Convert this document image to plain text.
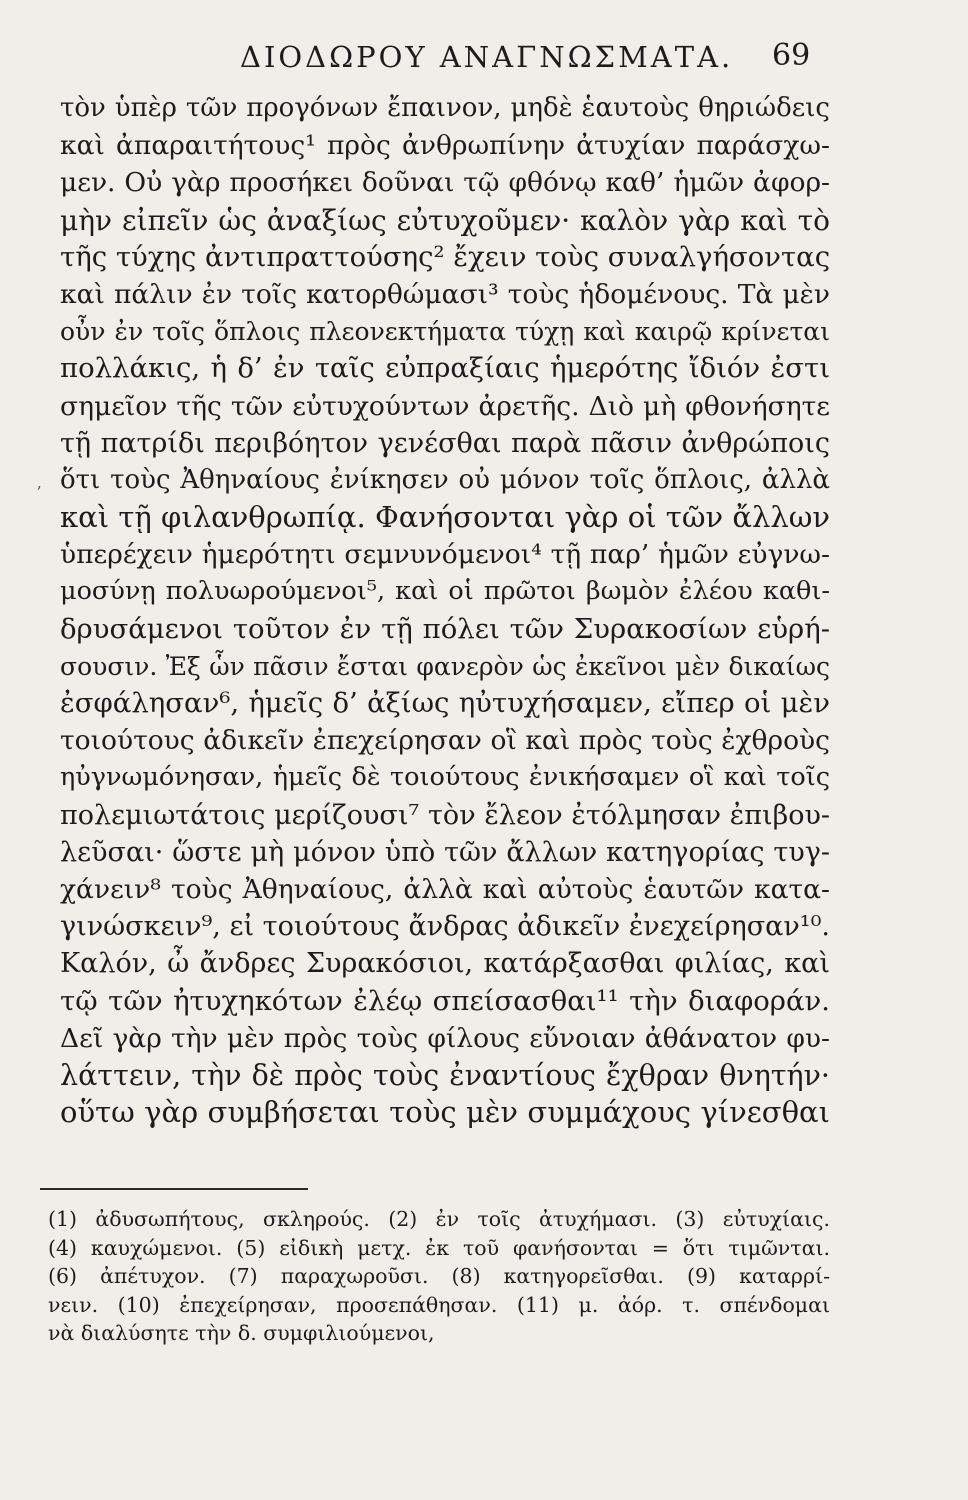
ΔΙΟΔΩΡΟΥ ΑΝΑΓΝΩΣΜΑΤΑ. 69
ʼ
τὸν ὑπὲρ τῶν προγόνων ἔπαινον, μηδὲ ἑαυτοὺς θηριώδεις
καὶ ἀπαραιτήτους¹ πρὸς ἀνθρωπίνην ἀτυχίαν παράσχω-
μεν. Οὐ γὰρ προσήκει δοῦναι τῷ φθόνῳ καθ’ ἡμῶν ἀφορ-
μὴν εἰπεῖν ὡς ἀναξίως εὐτυχοῦμεν· καλὸν γὰρ καὶ τὸ
τῆς τύχης ἀντιπραττούσης² ἔχειν τοὺς συναλγήσοντας
καὶ πάλιν ἐν τοῖς κατορθώμασι³ τοὺς ἡδομένους. Τὰ μὲν
οὖν ἐν τοῖς ὅπλοις πλεονεκτήματα τύχῃ καὶ καιρῷ κρίνεται
πολλάκις, ἡ δ’ ἐν ταῖς εὐπραξίαις ἡμερότης ἴδιόν ἐστι
σημεῖον τῆς τῶν εὐτυχούντων ἀρετῆς. Διὸ μὴ φθονήσητε
τῇ πατρίδι περιβόητον γενέσθαι παρὰ πᾶσιν ἀνθρώποις
ὅτι τοὺς Ἀθηναίους ἐνίκησεν οὐ μόνον τοῖς ὅπλοις, ἀλλὰ
καὶ τῇ φιλανθρωπίᾳ. Φανήσονται γὰρ οἱ τῶν ἄλλων
ὑπερέχειν ἡμερότητι σεμνυνόμενοι⁴ τῇ παρ’ ἡμῶν εὐγνω-
μοσύνῃ πολυωρούμενοι⁵, καὶ οἱ πρῶτοι βωμὸν ἐλέου καθι-
δρυσάμενοι τοῦτον ἐν τῇ πόλει τῶν Συρακοσίων εὑρή-
σουσιν. Ἐξ ὧν πᾶσιν ἔσται φανερὸν ὡς ἐκεῖνοι μὲν δικαίως
ἐσφάλησαν⁶, ἡμεῖς δ’ ἀξίως ηὐτυχήσαμεν, εἴπερ οἱ μὲν
τοιούτους ἀδικεῖν ἐπεχείρησαν οἳ καὶ πρὸς τοὺς ἐχθροὺς
ηὐγνωμόνησαν, ἡμεῖς δὲ τοιούτους ἐνικήσαμεν οἳ καὶ τοῖς
πολεμιωτάτοις μερίζουσι⁷ τὸν ἔλεον ἐτόλμησαν ἐπιβου-
λεῦσαι· ὥστε μὴ μόνον ὑπὸ τῶν ἄλλων κατηγορίας τυγ-
χάνειν⁸ τοὺς Ἀθηναίους, ἀλλὰ καὶ αὐτοὺς ἑαυτῶν κατα-
γινώσκειν⁹, εἰ τοιούτους ἄνδρας ἀδικεῖν ἐνεχείρησαν¹⁰.
Καλόν, ὦ ἄνδρες Συρακόσιοι, κατάρξασθαι φιλίας, καὶ
τῷ τῶν ἠτυχηκότων ἐλέῳ σπείσασθαι¹¹ τὴν διαφοράν.
Δεῖ γὰρ τὴν μὲν πρὸς τοὺς φίλους εὔνοιαν ἀθάνατον φυ-
λάττειν, τὴν δὲ πρὸς τοὺς ἐναντίους ἔχθραν θνητήν·
οὕτω γὰρ συμβήσεται τοὺς μὲν συμμάχους γίνεσθαι
(1) ἀδυσωπήτους, σκληρούς. (2) ἐν τοῖς ἀτυχήμασι. (3) εὐτυχίαις.
(4) καυχώμενοι. (5) εἰδικὴ μετχ. ἐκ τοῦ φανήσονται = ὅτι τιμῶνται.
(6) ἀπέτυχον. (7) παραχωροῦσι. (8) κατηγορεῖσθαι. (9) καταρρί-
νειν. (10) ἐπεχείρησαν, προσεπάθησαν. (11) μ. ἀόρ. τ. σπένδομαι
νὰ διαλύσητε τὴν δ. συμφιλιούμενοι,
